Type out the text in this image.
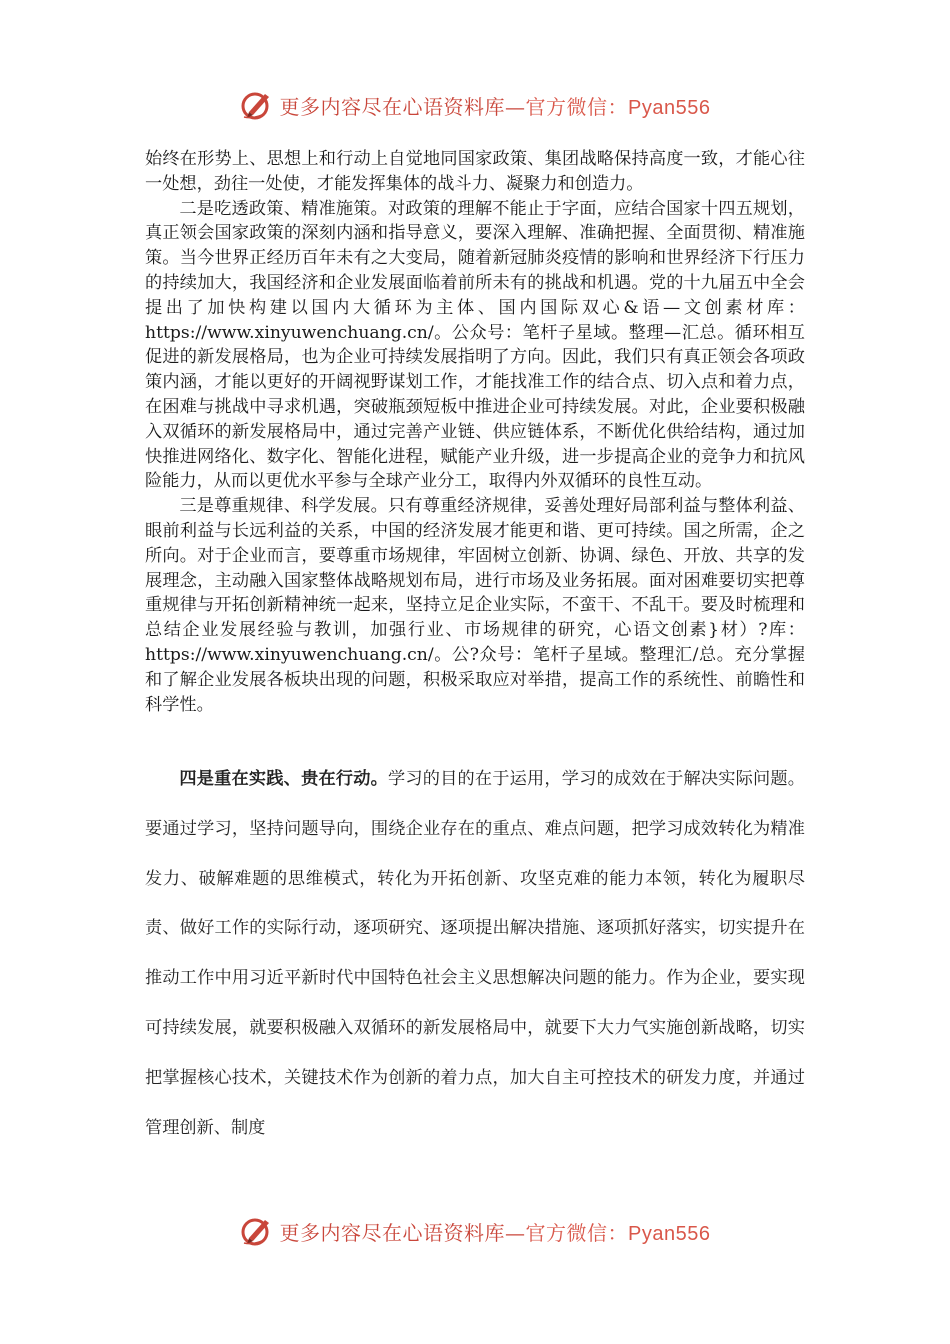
更多内容尽在心语资料库—官方微信：Pyan556

始终在形势上、思想上和行动上自觉地同国家政策、集团战略保持高度一致，才能心往一处想，劲往一处使，才能发挥集体的战斗力、凝聚力和创造力。

二是吃透政策、精准施策。对政策的理解不能止于字面，应结合国家十四五规划，真正领会国家政策的深刻内涵和指导意义，要深入理解、准确把握、全面贯彻、精准施策。当今世界正经历百年未有之大变局，随着新冠肺炎疫情的影响和世界经济下行压力的持续加大，我国经济和企业发展面临着前所未有的挑战和机遇。党的十九届五中全会提出了加快构建以国内大循环为主体、国内国际双心&语—文创素材库：https://www.xinyuwenchuang.cn/。公众号：笔杆子星域。整理—汇总。循环相互促进的新发展格局，也为企业可持续发展指明了方向。因此，我们只有真正领会各项政策内涵，才能以更好的开阔视野谋划工作，才能找准工作的结合点、切入点和着力点，在困难与挑战中寻求机遇，突破瓶颈短板中推进企业可持续发展。对此，企业要积极融入双循环的新发展格局中，通过完善产业链、供应链体系，不断优化供给结构，通过加快推进网络化、数字化、智能化进程，赋能产业升级，进一步提高企业的竞争力和抗风险能力，从而以更优水平参与全球产业分工，取得内外双循环的良性互动。

三是尊重规律、科学发展。只有尊重经济规律，妥善处理好局部利益与整体利益、眼前利益与长远利益的关系，中国的经济发展才能更和谐、更可持续。国之所需，企之所向。对于企业而言，要尊重市场规律，牢固树立创新、协调、绿色、开放、共享的发展理念，主动融入国家整体战略规划布局，进行市场及业务拓展。面对困难要切实把尊重规律与开拓创新精神统一起来，坚持立足企业实际，不蛮干、不乱干。要及时梳理和总结企业发展经验与教训，加强行业、市场规律的研究，心语文创素}材）?库：https://www.xinyuwenchuang.cn/。公?众号：笔杆子星域。整理汇/总。充分掌握和了解企业发展各板块出现的问题，积极采取应对举措，提高工作的系统性、前瞻性和科学性。

四是重在实践、贵在行动。学习的目的在于运用，学习的成效在于解决实际问题。要通过学习，坚持问题导向，围绕企业存在的重点、难点问题，把学习成效转化为精准发力、破解难题的思维模式，转化为开拓创新、攻坚克难的能力本领，转化为履职尽责、做好工作的实际行动，逐项研究、逐项提出解决措施、逐项抓好落实，切实提升在推动工作中用习近平新时代中国特色社会主义思想解决问题的能力。作为企业，要实现可持续发展，就要积极融入双循环的新发展格局中，就要下大力气实施创新战略，切实把掌握核心技术，关键技术作为创新的着力点，加大自主可控技术的研发力度，并通过管理创新、制度

更多内容尽在心语资料库—官方微信：Pyan556
